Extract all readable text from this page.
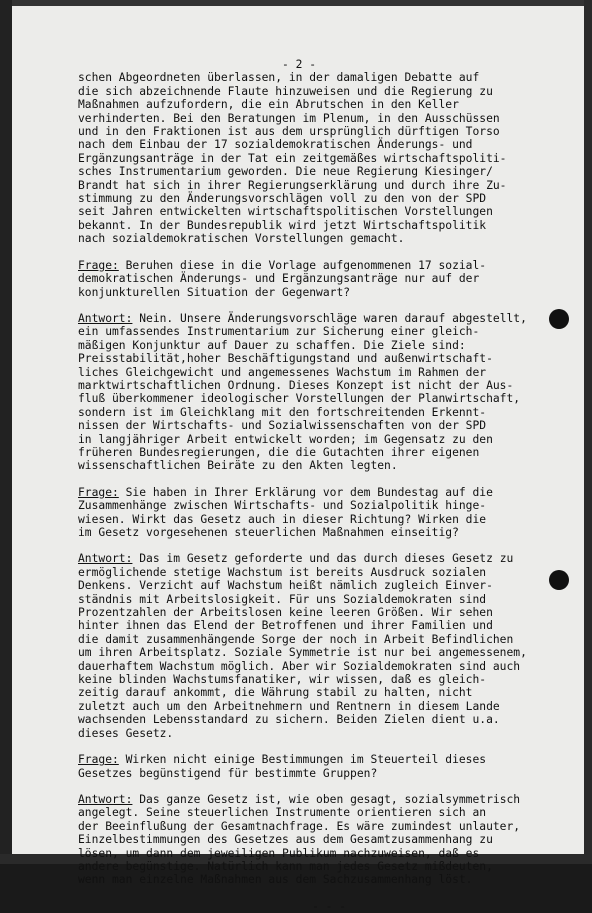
- 2 -
schen Abgeordneten überlassen, in der damaligen Debatte auf
die sich abzeichnende Flaute hinzuweisen und die Regierung zu
Maßnahmen aufzufordern, die ein Abrutschen in den Keller
verhinderten. Bei den Beratungen im Plenum, in den Ausschüssen
und in den Fraktionen ist aus dem ursprünglich dürftigen Torso
nach dem Einbau der 17 sozialdemokratischen Änderungs- und
Ergänzungsanträge in der Tat ein zeitgemäßes wirtschaftspoliti-
sches Instrumentarium geworden. Die neue Regierung Kiesinger/
Brandt hat sich in ihrer Regierungserklärung und durch ihre Zu-
stimmung zu den Änderungsvorschlägen voll zu den von der SPD
seit Jahren entwickelten wirtschaftspolitischen Vorstellungen
bekannt. In der Bundesrepublik wird jetzt Wirtschaftspolitik
nach sozialdemokratischen Vorstellungen gemacht.
Frage: Beruhen diese in die Vorlage aufgenommenen 17 sozial-
demokratischen Änderungs- und Ergänzungsanträge nur auf der
konjunkturellen Situation der Gegenwart?
Antwort: Nein. Unsere Änderungsvorschläge waren darauf abgestellt,
ein umfassendes Instrumentarium zur Sicherung einer gleich-
mäßigen Konjunktur auf Dauer zu schaffen. Die Ziele sind:
Preisstabilität,hoher Beschäftigungstand und außenwirtschaft-
liches Gleichgewicht und angemessenes Wachstum im Rahmen der
marktwirtschaftlichen Ordnung. Dieses Konzept ist nicht der Aus-
fluß überkommener ideologischer Vorstellungen der Planwirtschaft,
sondern ist im Gleichklang mit den fortschreitenden Erkennt-
nissen der Wirtschafts- und Sozialwissenschaften von der SPD
in langjähriger Arbeit entwickelt worden; im Gegensatz zu den
früheren Bundesregierungen, die die Gutachten ihrer eigenen
wissenschaftlichen Beiräte zu den Akten legten.
Frage: Sie haben in Ihrer Erklärung vor dem Bundestag auf die
Zusammenhänge zwischen Wirtschafts- und Sozialpolitik hinge-
wiesen. Wirkt das Gesetz auch in dieser Richtung? Wirken die
im Gesetz vorgesehenen steuerlichen Maßnahmen einseitig?
Antwort: Das im Gesetz geforderte und das durch dieses Gesetz zu
ermöglichende stetige Wachstum ist bereits Ausdruck sozialen
Denkens. Verzicht auf Wachstum heißt nämlich zugleich Einver-
ständnis mit Arbeitslosigkeit. Für uns Sozialdemokraten sind
Prozentzahlen der Arbeitslosen keine leeren Größen. Wir sehen
hinter ihnen das Elend der Betroffenen und ihrer Familien und
die damit zusammenhängende Sorge der noch in Arbeit Befindlichen
um ihren Arbeitsplatz. Soziale Symmetrie ist nur bei angemessenem,
dauerhaftem Wachstum möglich. Aber wir Sozialdemokraten sind auch
keine blinden Wachstumsfanatiker, wir wissen, daß es gleich-
zeitig darauf ankommt, die Währung stabil zu halten, nicht
zuletzt auch um den Arbeitnehmern und Rentnern in diesem Lande
wachsenden Lebensstandard zu sichern. Beiden Zielen dient u.a.
dieses Gesetz.
Frage: Wirken nicht einige Bestimmungen im Steuerteil dieses
Gesetzes begünstigend für bestimmte Gruppen?
Antwort: Das ganze Gesetz ist, wie oben gesagt, sozialsymmetrisch
angelegt. Seine steuerlichen Instrumente orientieren sich an
der Beeinflußung der Gesamtnachfrage. Es wäre zumindest unlauter,
Einzelbestimmungen des Gesetzes aus dem Gesamtzusammenhang zu
lösen, um dann dem jeweiligen Publikum nachzuweisen, daß es
andere begünstige. Natürlich kann man jedes Gesetz mißdeuten,
wenn man einzelne Maßnahmen aus dem Sachzusammenhang löst.
- - -
